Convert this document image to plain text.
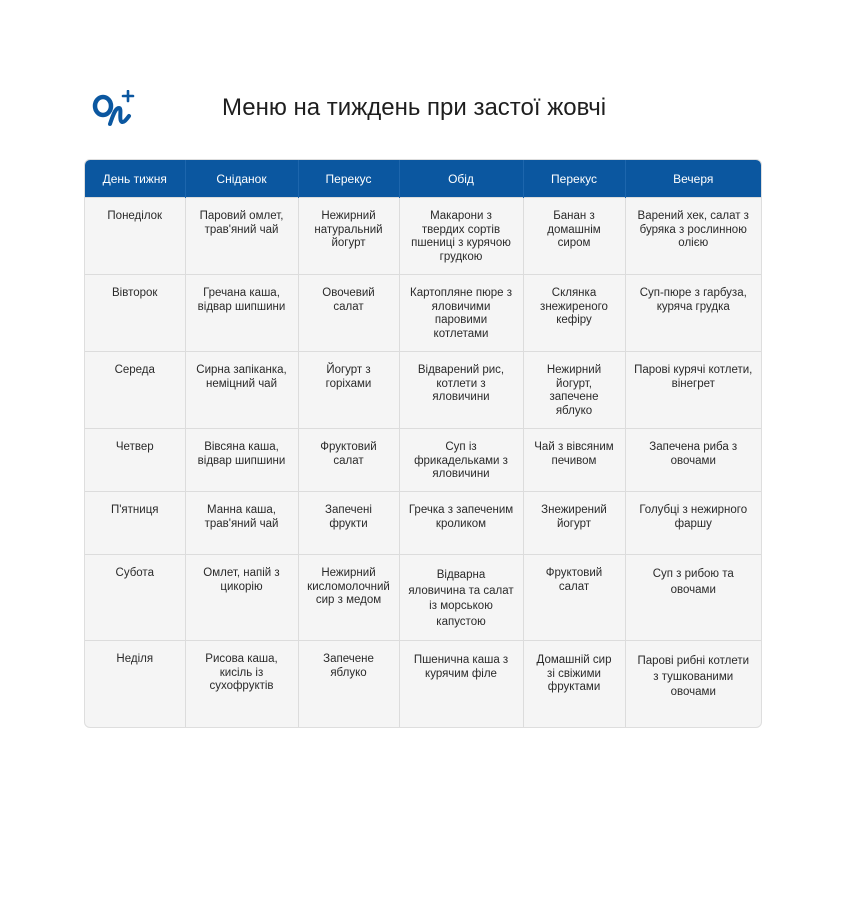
Меню на тиждень при застої жовчі
День тижня	Сніданок	Перекус	Обід	Перекус	Вечеря
Понеділок	Паровий омлет, трав'яний чай	Нежирний натуральний йогурт	Макарони з твердих сортів пшениці з курячою грудкою	Банан з домашнім сиром	Варений хек, салат з буряка з рослинною олією
Вівторок	Гречана каша, відвар шипшини	Овочевий салат	Картопляне пюре з яловичими паровими котлетами	Склянка знежиреного кефіру	Суп-пюре з гарбуза, куряча грудка
Середа	Сирна запіканка, неміцний чай	Йогурт з горіхами	Відварений рис, котлети з яловичини	Нежирний йогурт, запечене яблуко	Парові курячі котлети, вінегрет
Четвер	Вівсяна каша, відвар шипшини	Фруктовий салат	Суп із фрикадельками з яловичини	Чай з вівсяним печивом	Запечена риба з овочами
П'ятниця	Манна каша, трав'яний чай	Запечені фрукти	Гречка з запеченим кроликом	Знежирений йогурт	Голубці з нежирного фаршу
Субота	Омлет, напій з цикорію	Нежирний кисломолочний сир з медом	Відварна яловичина та салат із морською капустою	Фруктовий салат	Суп з рибою та овочами
Неділя	Рисова каша, кисіль із сухофруктів	Запечене яблуко	Пшенична каша з курячим філе	Домашній сир зі свіжими фруктами	Парові рибні котлети з тушкованими овочами
